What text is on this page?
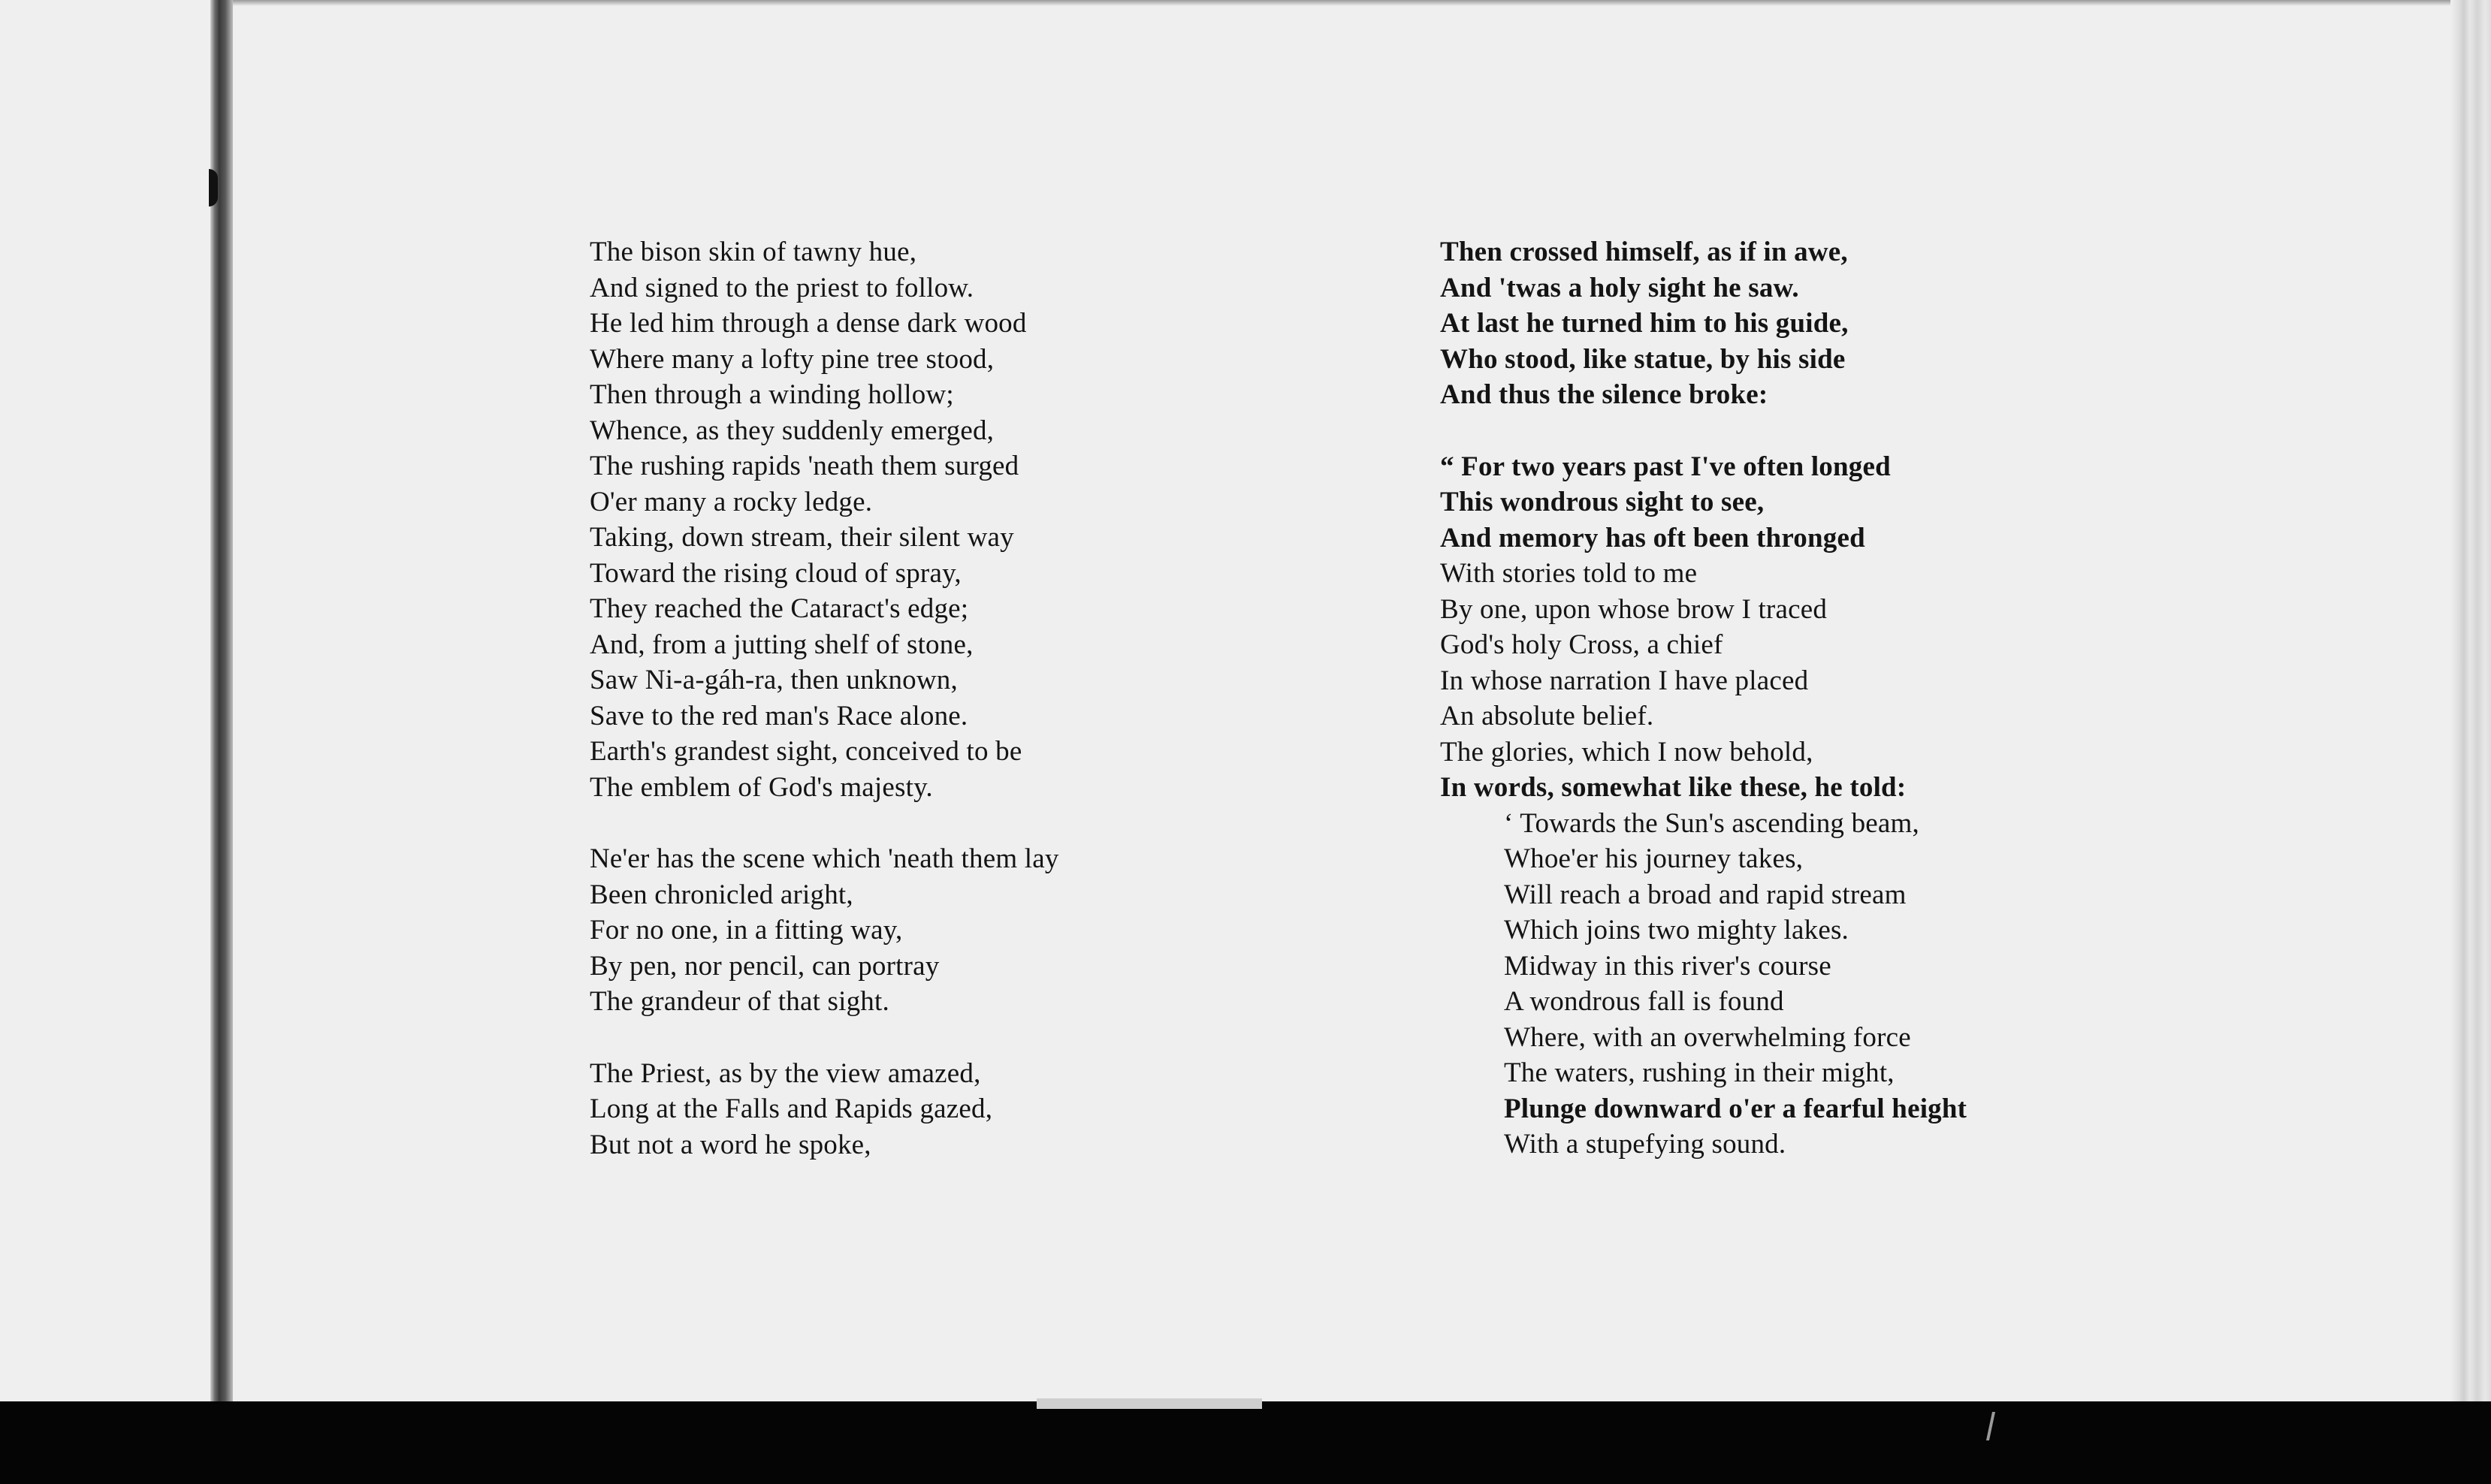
The bison skin of tawny hue,
And signed to the priest to follow.
He led him through a dense dark wood
Where many a lofty pine tree stood,
Then through a winding hollow;
Whence, as they suddenly emerged,
The rushing rapids 'neath them surged
O'er many a rocky ledge.
Taking, down stream, their silent way
Toward the rising cloud of spray,
They reached the Cataract's edge;
And, from a jutting shelf of stone,
Saw Ni-a-gáh-ra, then unknown,
Save to the red man's Race alone.
Earth's grandest sight, conceived to be
The emblem of God's majesty.
Ne'er has the scene which 'neath them lay
Been chronicled aright,
For no one, in a fitting way,
By pen, nor pencil, can portray
The grandeur of that sight.
The Priest, as by the view amazed,
Long at the Falls and Rapids gazed,
But not a word he spoke,
Then crossed himself, as if in awe,
And 'twas a holy sight he saw.
At last he turned him to his guide,
Who stood, like statue, by his side
And thus the silence broke:
“ For two years past I've often longed
This wondrous sight to see,
And memory has oft been thronged
With stories told to me
By one, upon whose brow I traced
God's holy Cross, a chief
In whose narration I have placed
An absolute belief.
The glories, which I now behold,
In words, somewhat like these, he told:
‘ Towards the Sun's ascending beam,
Whoe'er his journey takes,
Will reach a broad and rapid stream
Which joins two mighty lakes.
Midway in this river's course
A wondrous fall is found
Where, with an overwhelming force
The waters, rushing in their might,
Plunge downward o'er a fearful height
With a stupefying sound.
